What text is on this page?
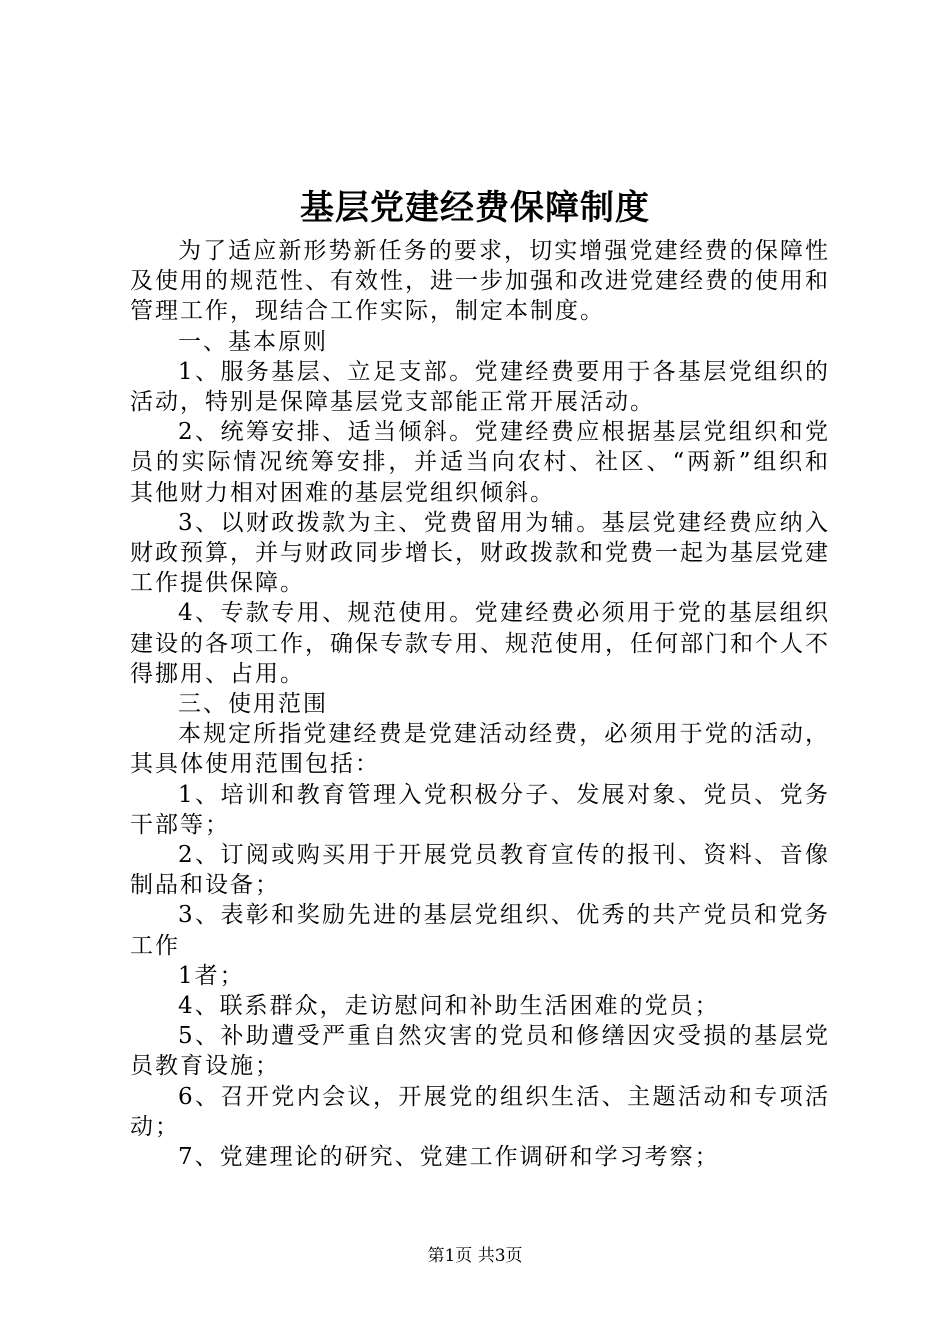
基层党建经费保障制度

为了适应新形势新任务的要求，切实增强党建经费的保障性及使用的规范性、有效性，进一步加强和改进党建经费的使用和管理工作，现结合工作实际，制定本制度。

一、基本原则

1、服务基层、立足支部。党建经费要用于各基层党组织的活动，特别是保障基层党支部能正常开展活动。

2、统筹安排、适当倾斜。党建经费应根据基层党组织和党员的实际情况统筹安排，并适当向农村、社区、“两新”组织和其他财力相对困难的基层党组织倾斜。

3、以财政拨款为主、党费留用为辅。基层党建经费应纳入财政预算，并与财政同步增长，财政拨款和党费一起为基层党建工作提供保障。

4、专款专用、规范使用。党建经费必须用于党的基层组织建设的各项工作，确保专款专用、规范使用，任何部门和个人不得挪用、占用。

三、使用范围

本规定所指党建经费是党建活动经费，必须用于党的活动，其具体使用范围包括：

1、培训和教育管理入党积极分子、发展对象、党员、党务干部等；

2、订阅或购买用于开展党员教育宣传的报刊、资料、音像制品和设备；

3、表彰和奖励先进的基层党组织、优秀的共产党员和党务工作

1者；

4、联系群众，走访慰问和补助生活困难的党员；

5、补助遭受严重自然灾害的党员和修缮因灾受损的基层党员教育设施；

6、召开党内会议，开展党的组织生活、主题活动和专项活动；

7、党建理论的研究、党建工作调研和学习考察；

第1页 共3页
